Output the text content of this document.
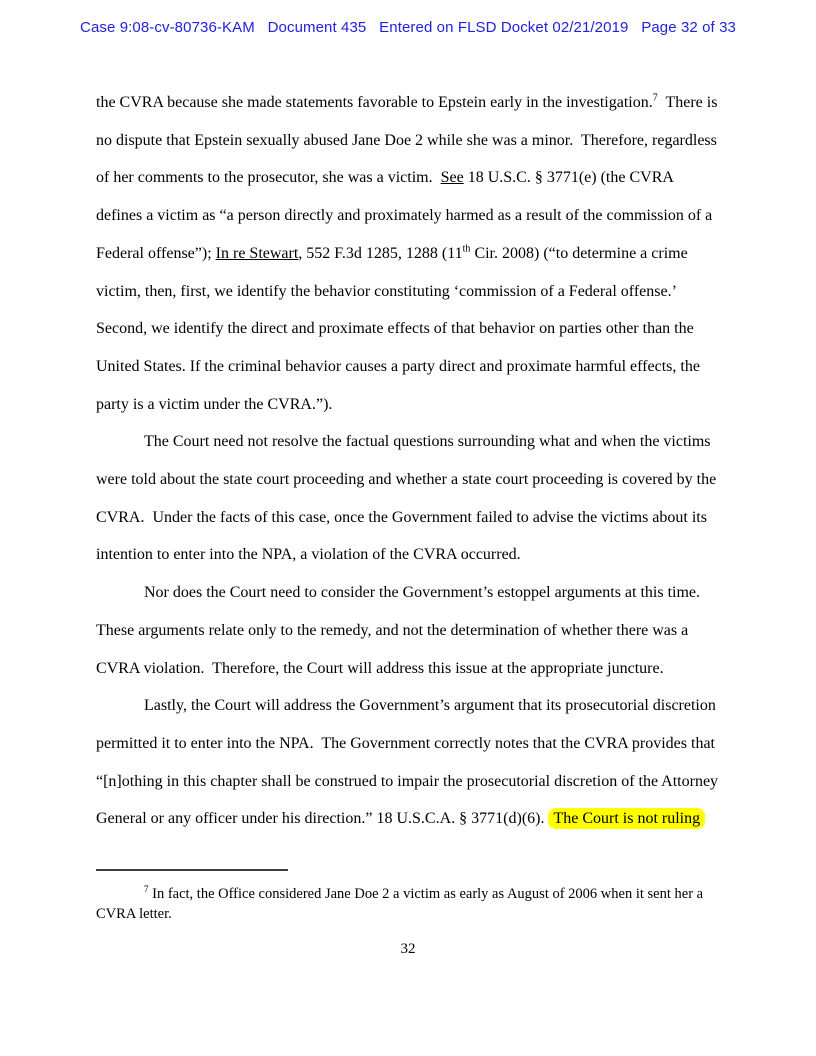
Case 9:08-cv-80736-KAM   Document 435   Entered on FLSD Docket 02/21/2019   Page 32 of 33

the CVRA because she made statements favorable to Epstein early in the investigation.$^7$  There is no dispute that Epstein sexually abused Jane Doe 2 while she was a minor.  Therefore, regardless of her comments to the prosecutor, she was a victim.  See 18 U.S.C. § 3771(e) (the CVRA defines a victim as “a person directly and proximately harmed as a result of the commission of a Federal offense”); In re Stewart, 552 F.3d 1285, 1288 (11th Cir. 2008) (“to determine a crime victim, then, first, we identify the behavior constituting ‘commission of a Federal offense.’ Second, we identify the direct and proximate effects of that behavior on parties other than the United States. If the criminal behavior causes a party direct and proximate harmful effects, the party is a victim under the CVRA.”).

The Court need not resolve the factual questions surrounding what and when the victims were told about the state court proceeding and whether a state court proceeding is covered by the CVRA.  Under the facts of this case, once the Government failed to advise the victims about its intention to enter into the NPA, a violation of the CVRA occurred.

Nor does the Court need to consider the Government’s estoppel arguments at this time.  These arguments relate only to the remedy, and not the determination of whether there was a CVRA violation.  Therefore, the Court will address this issue at the appropriate juncture.

Lastly, the Court will address the Government’s argument that its prosecutorial discretion permitted it to enter into the NPA.  The Government correctly notes that the CVRA provides that “[n]othing in this chapter shall be construed to impair the prosecutorial discretion of the Attorney General or any officer under his direction.” 18 U.S.C.A. § 3771(d)(6). The Court is not ruling

$^7$ In fact, the Office considered Jane Doe 2 a victim as early as August of 2006 when it sent her a CVRA letter.
32
